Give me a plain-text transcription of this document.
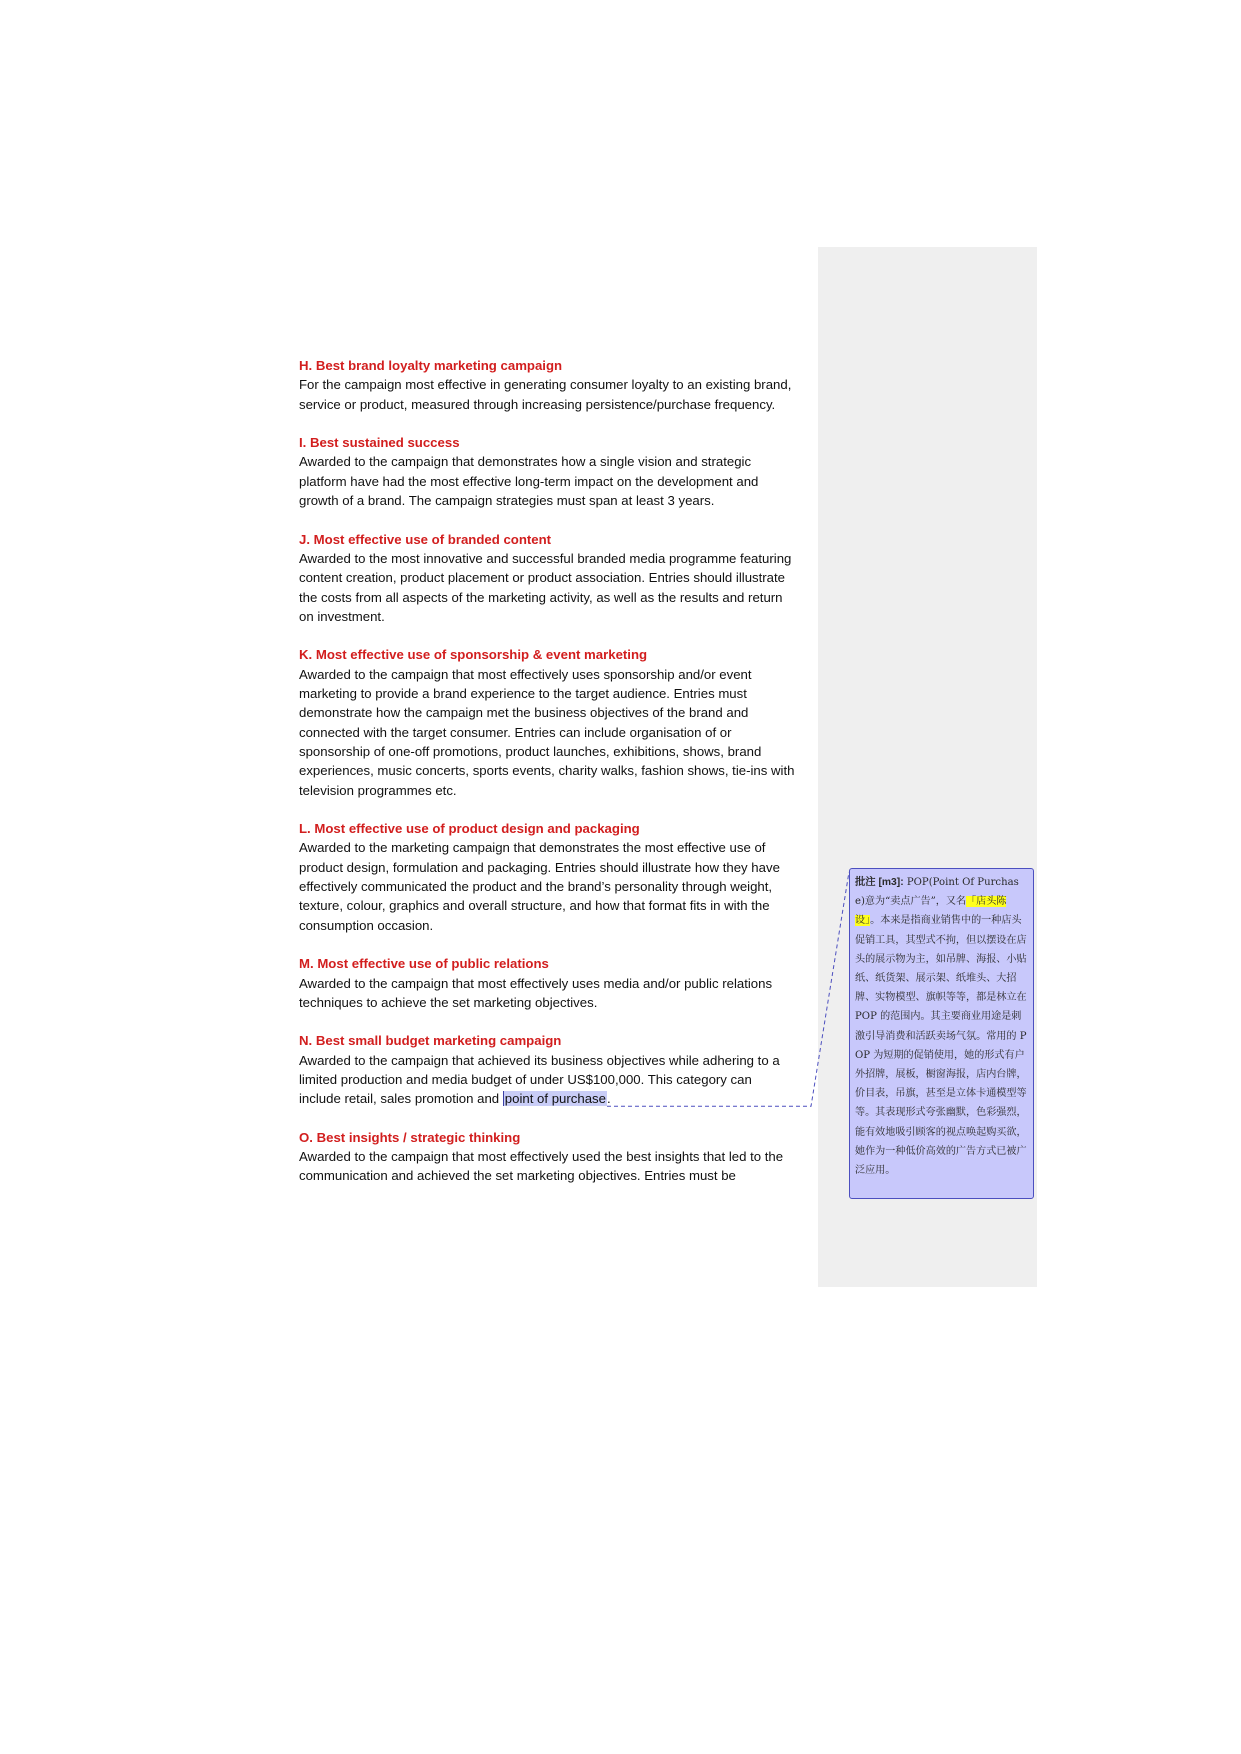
H. Best brand loyalty marketing campaign

For the campaign most effective in generating consumer loyalty to an existing brand,
service or product, measured through increasing persistence/purchase frequency.

I. Best sustained success

Awarded to the campaign that demonstrates how a single vision and strategic
platform have had the most effective long-term impact on the development and
growth of a brand. The campaign strategies must span at least 3 years.

J. Most effective use of branded content

Awarded to the most innovative and successful branded media programme featuring
content creation, product placement or product association. Entries should illustrate
the costs from all aspects of the marketing activity, as well as the results and return
on investment.

K. Most effective use of sponsorship & event marketing

Awarded to the campaign that most effectively uses sponsorship and/or event
marketing to provide a brand experience to the target audience. Entries must
demonstrate how the campaign met the business objectives of the brand and
connected with the target consumer. Entries can include organisation of or
sponsorship of one-off promotions, product launches, exhibitions, shows, brand
experiences, music concerts, sports events, charity walks, fashion shows, tie-ins with
television programmes etc.

L. Most effective use of product design and packaging

Awarded to the marketing campaign that demonstrates the most effective use of
product design, formulation and packaging. Entries should illustrate how they have
effectively communicated the product and the brand’s personality through weight,
texture, colour, graphics and overall structure, and how that format fits in with the
consumption occasion.

M. Most effective use of public relations

Awarded to the campaign that most effectively uses media and/or public relations
techniques to achieve the set marketing objectives.

N. Best small budget marketing campaign

Awarded to the campaign that achieved its business objectives while adhering to a
limited production and media budget of under US$100,000. This category can
include retail, sales promotion and point of purchase.

O. Best insights / strategic thinking

Awarded to the campaign that most effectively used the best insights that led to the
communication and achieved the set marketing objectives. Entries must be
批注 [m3]: POP(Point Of Purchase)意为“卖点广告”，又名「店头陈设」。本来是指商业销售中的一种店头促销工具，其型式不拘，但以摆设在店头的展示物为主，如吊牌、海报、小贴纸、纸货架、展示架、纸堆头、大招牌、实物模型、旗帜等等，都是林立在 POP 的范围内。其主要商业用途是刺激引导消费和活跃卖场气氛。常用的 POP 为短期的促销使用，她的形式有户外招牌，展板，橱窗海报，店内台牌，价目表，吊旗，甚至是立体卡通模型等等。其表现形式夸张幽默，色彩强烈，能有效地吸引顾客的视点唤起购买欲，她作为一种低价高效的广告方式已被广泛应用。
